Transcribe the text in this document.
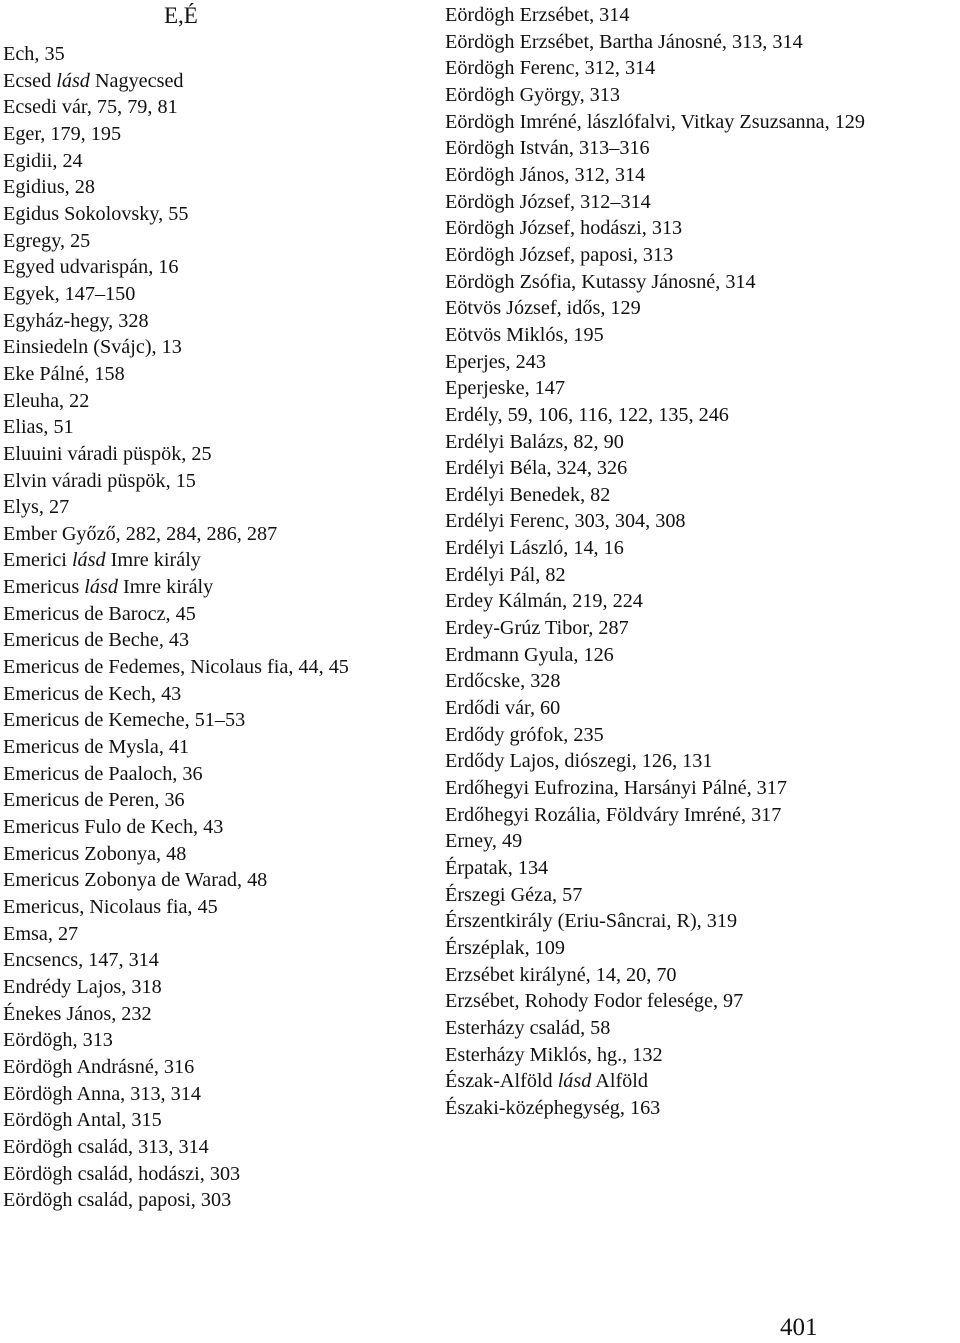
E,É
Ech, 35
Ecsed lásd Nagyecsed
Ecsedi vár, 75, 79, 81
Eger, 179, 195
Egidii, 24
Egidius, 28
Egidus Sokolovsky, 55
Egregy, 25
Egyed udvarispán, 16
Egyek, 147–150
Egyház-hegy, 328
Einsiedeln (Svájc), 13
Eke Pálné, 158
Eleuha, 22
Elias, 51
Eluuini váradi püspök, 25
Elvin váradi püspök, 15
Elys, 27
Ember Győző, 282, 284, 286, 287
Emerici lásd Imre király
Emericus lásd Imre király
Emericus de Barocz, 45
Emericus de Beche, 43
Emericus de Fedemes, Nicolaus fia, 44, 45
Emericus de Kech, 43
Emericus de Kemeche, 51–53
Emericus de Mysla, 41
Emericus de Paaloch, 36
Emericus de Peren, 36
Emericus Fulo de Kech, 43
Emericus Zobonya, 48
Emericus Zobonya de Warad, 48
Emericus, Nicolaus fia, 45
Emsa, 27
Encsencs, 147, 314
Endrédy Lajos, 318
Énekes János, 232
Eördögh, 313
Eördögh Andrásné, 316
Eördögh Anna, 313, 314
Eördögh Antal, 315
Eördögh család, 313, 314
Eördögh család, hodászi, 303
Eördögh család, paposi, 303
Eördögh Erzsébet, 314
Eördögh Erzsébet, Bartha Jánosné, 313, 314
Eördögh Ferenc, 312, 314
Eördögh György, 313
Eördögh Imréné, lászlófalvi, Vitkay Zsuzsanna, 129
Eördögh István, 313–316
Eördögh János, 312, 314
Eördögh József, 312–314
Eördögh József, hodászi, 313
Eördögh József, paposi, 313
Eördögh Zsófia, Kutassy Jánosné, 314
Eötvös József, idős, 129
Eötvös Miklós, 195
Eperjes, 243
Eperjeske, 147
Erdély, 59, 106, 116, 122, 135, 246
Erdélyi Balázs, 82, 90
Erdélyi Béla, 324, 326
Erdélyi Benedek, 82
Erdélyi Ferenc, 303, 304, 308
Erdélyi László, 14, 16
Erdélyi Pál, 82
Erdey Kálmán, 219, 224
Erdey-Grúz Tibor, 287
Erdmann Gyula, 126
Erdőcske, 328
Erdődi vár, 60
Erdődy grófok, 235
Erdődy Lajos, diószegi, 126, 131
Erdőhegyi Eufrozina, Harsányi Pálné, 317
Erdőhegyi Rozália, Földváry Imréné, 317
Erney, 49
Érpatak, 134
Érszegi Géza, 57
Érszentkirály (Eriu-Sâncrai, R), 319
Érszéplak, 109
Erzsébet királyné, 14, 20, 70
Erzsébet, Rohody Fodor felesége, 97
Esterházy család, 58
Esterházy Miklós, hg., 132
Észak-Alföld lásd Alföld
Északi-középhegység, 163
401
